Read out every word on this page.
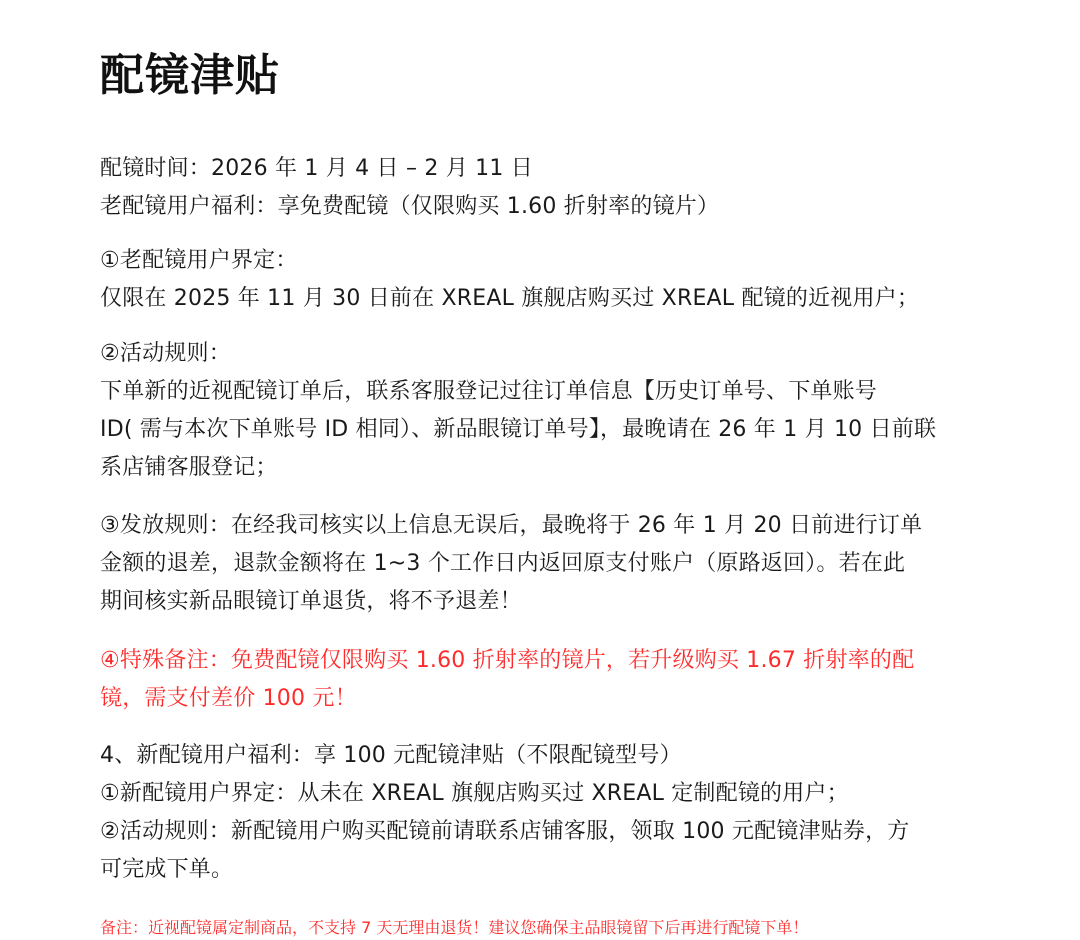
配镜津贴
配镜时间：2026 年 1 月 4 日 – 2 月 11 日
老配镜用户福利：享免费配镜（仅限购买 1.60 折射率的镜片）
①老配镜用户界定：
仅限在 2025 年 11 月 30 日前在 XREAL 旗舰店购买过 XREAL 配镜的近视用户；
②活动规则：
下单新的近视配镜订单后，联系客服登记过往订单信息【历史订单号、下单账号
ID( 需与本次下单账号 ID 相同）、新品眼镜订单号】，最晚请在 26 年 1 月 10 日前联
系店铺客服登记；
③发放规则：在经我司核实以上信息无误后，最晚将于 26 年 1 月 20 日前进行订单
金额的退差，退款金额将在 1~3 个工作日内返回原支付账户（原路返回）。若在此
期间核实新品眼镜订单退货，将不予退差！
④特殊备注：免费配镜仅限购买 1.60 折射率的镜片，若升级购买 1.67 折射率的配
镜，需支付差价 100 元！
4、新配镜用户福利：享 100 元配镜津贴（不限配镜型号）
①新配镜用户界定：从未在 XREAL 旗舰店购买过 XREAL 定制配镜的用户；
②活动规则：新配镜用户购买配镜前请联系店铺客服，领取 100 元配镜津贴券，方
可完成下单。
备注：近视配镜属定制商品，不支持 7 天无理由退货！建议您确保主品眼镜留下后再进行配镜下单！
